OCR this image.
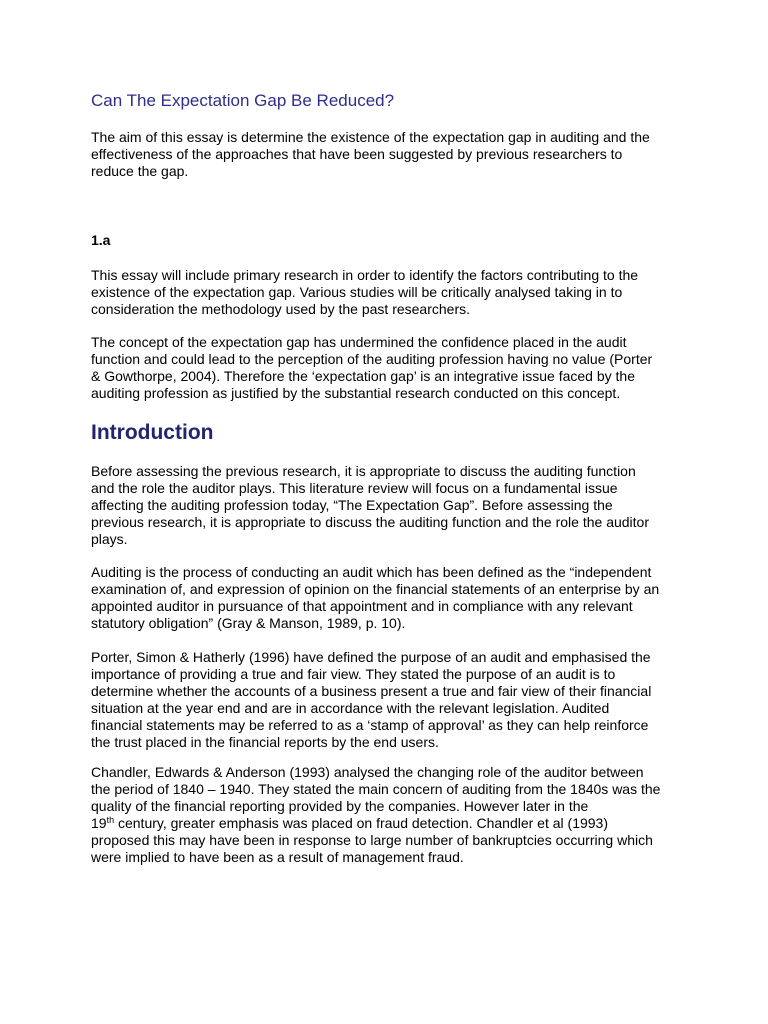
Can The Expectation Gap Be Reduced?

The aim of this essay is determine the existence of the expectation gap in auditing and the
effectiveness of the approaches that have been suggested by previous researchers to
reduce the gap.

1.a

This essay will include primary research in order to identify the factors contributing to the
existence of the expectation gap. Various studies will be critically analysed taking in to
consideration the methodology used by the past researchers.

The concept of the expectation gap has undermined the confidence placed in the audit
function and could lead to the perception of the auditing profession having no value (Porter
& Gowthorpe, 2004). Therefore the ‘expectation gap’ is an integrative issue faced by the
auditing profession as justified by the substantial research conducted on this concept.

Introduction

Before assessing the previous research, it is appropriate to discuss the auditing function
and the role the auditor plays. This literature review will focus on a fundamental issue
affecting the auditing profession today, “The Expectation Gap”. Before assessing the
previous research, it is appropriate to discuss the auditing function and the role the auditor
plays.

Auditing is the process of conducting an audit which has been defined as the “independent
examination of, and expression of opinion on the financial statements of an enterprise by an
appointed auditor in pursuance of that appointment and in compliance with any relevant
statutory obligation” (Gray & Manson, 1989, p. 10).

Porter, Simon & Hatherly (1996) have defined the purpose of an audit and emphasised the
importance of providing a true and fair view. They stated the purpose of an audit is to
determine whether the accounts of a business present a true and fair view of their financial
situation at the year end and are in accordance with the relevant legislation. Audited
financial statements may be referred to as a ‘stamp of approval’ as they can help reinforce
the trust placed in the financial reports by the end users.

Chandler, Edwards & Anderson (1993) analysed the changing role of the auditor between
the period of 1840 – 1940. They stated the main concern of auditing from the 1840s was the
quality of the financial reporting provided by the companies. However later in the
19th century, greater emphasis was placed on fraud detection. Chandler et al (1993)
proposed this may have been in response to large number of bankruptcies occurring which
were implied to have been as a result of management fraud.
